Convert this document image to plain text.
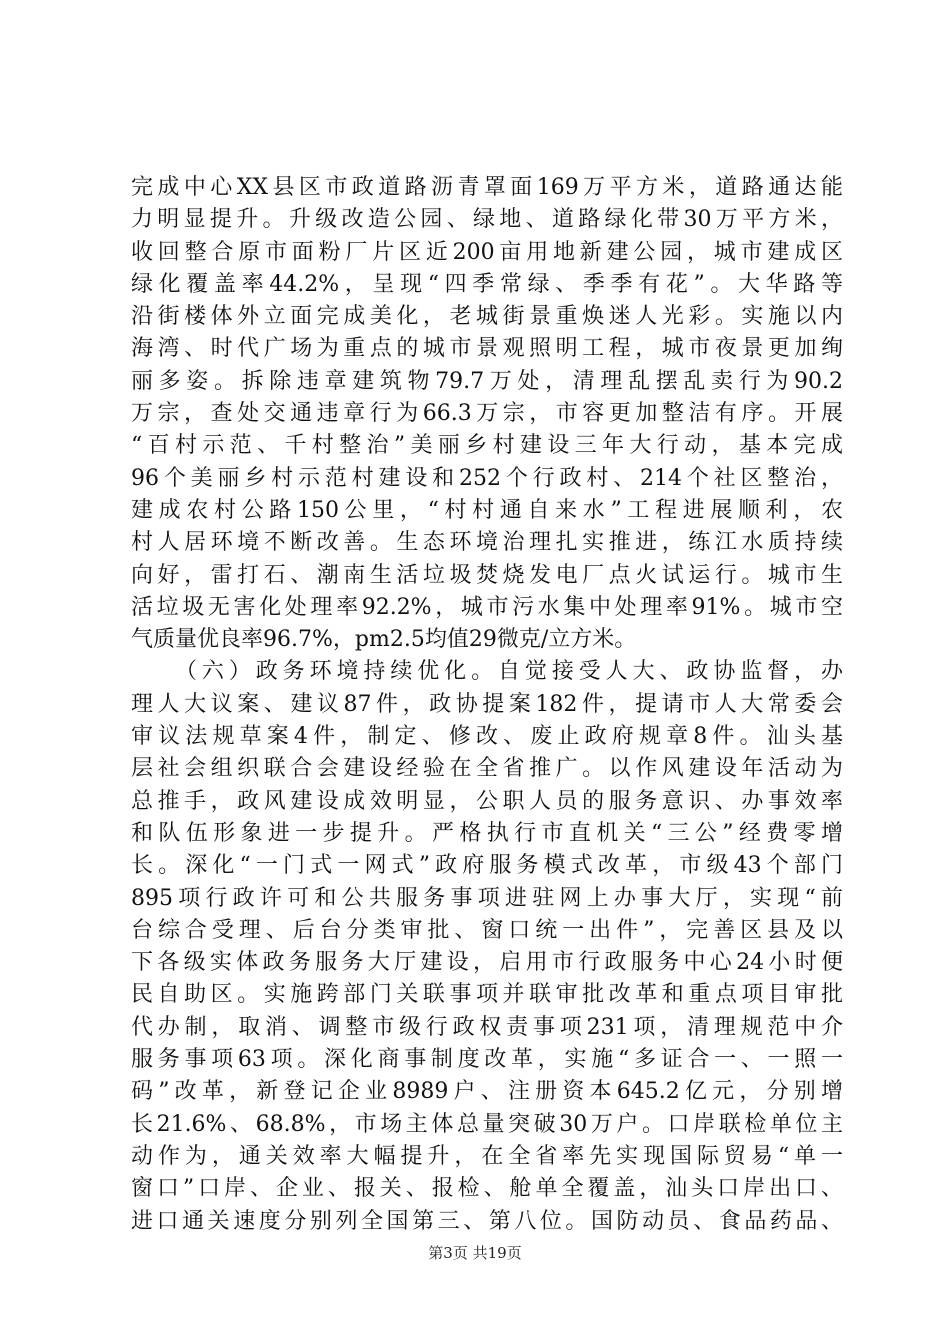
完成中心XX县区市政道路沥青罩面169万平方米，道路通达能
力明显提升。升级改造公园、绿地、道路绿化带30万平方米，
收回整合原市面粉厂片区近200亩用地新建公园，城市建成区
绿化覆盖率44.2%，呈现“四季常绿、季季有花”。大华路等
沿街楼体外立面完成美化，老城街景重焕迷人光彩。实施以内
海湾、时代广场为重点的城市景观照明工程，城市夜景更加绚
丽多姿。拆除违章建筑物79.7万处，清理乱摆乱卖行为90.2
万宗，查处交通违章行为66.3万宗，市容更加整洁有序。开展
“百村示范、千村整治”美丽乡村建设三年大行动，基本完成
96个美丽乡村示范村建设和252个行政村、214个社区整治，
建成农村公路150公里，“村村通自来水”工程进展顺利，农
村人居环境不断改善。生态环境治理扎实推进，练江水质持续
向好，雷打石、潮南生活垃圾焚烧发电厂点火试运行。城市生
活垃圾无害化处理率92.2%，城市污水集中处理率91%。城市空
气质量优良率96.7%，pm2.5均值29微克/立方米。
（六）政务环境持续优化。自觉接受人大、政协监督，办
理人大议案、建议87件，政协提案182件，提请市人大常委会
审议法规草案4件，制定、修改、废止政府规章8件。汕头基
层社会组织联合会建设经验在全省推广。以作风建设年活动为
总推手，政风建设成效明显，公职人员的服务意识、办事效率
和队伍形象进一步提升。严格执行市直机关“三公”经费零增
长。深化“一门式一网式”政府服务模式改革，市级43个部门
895项行政许可和公共服务事项进驻网上办事大厅，实现“前
台综合受理、后台分类审批、窗口统一出件”，完善区县及以
下各级实体政务服务大厅建设，启用市行政服务中心24小时便
民自助区。实施跨部门关联事项并联审批改革和重点项目审批
代办制，取消、调整市级行政权责事项231项，清理规范中介
服务事项63项。深化商事制度改革，实施“多证合一、一照一
码”改革，新登记企业8989户、注册资本645.2亿元，分别增
长21.6%、68.8%，市场主体总量突破30万户。口岸联检单位主
动作为，通关效率大幅提升，在全省率先实现国际贸易“单一
窗口”口岸、企业、报关、报检、舱单全覆盖，汕头口岸出口、
进口通关速度分别列全国第三、第八位。国防动员、食品药品、
第3页 共19页
